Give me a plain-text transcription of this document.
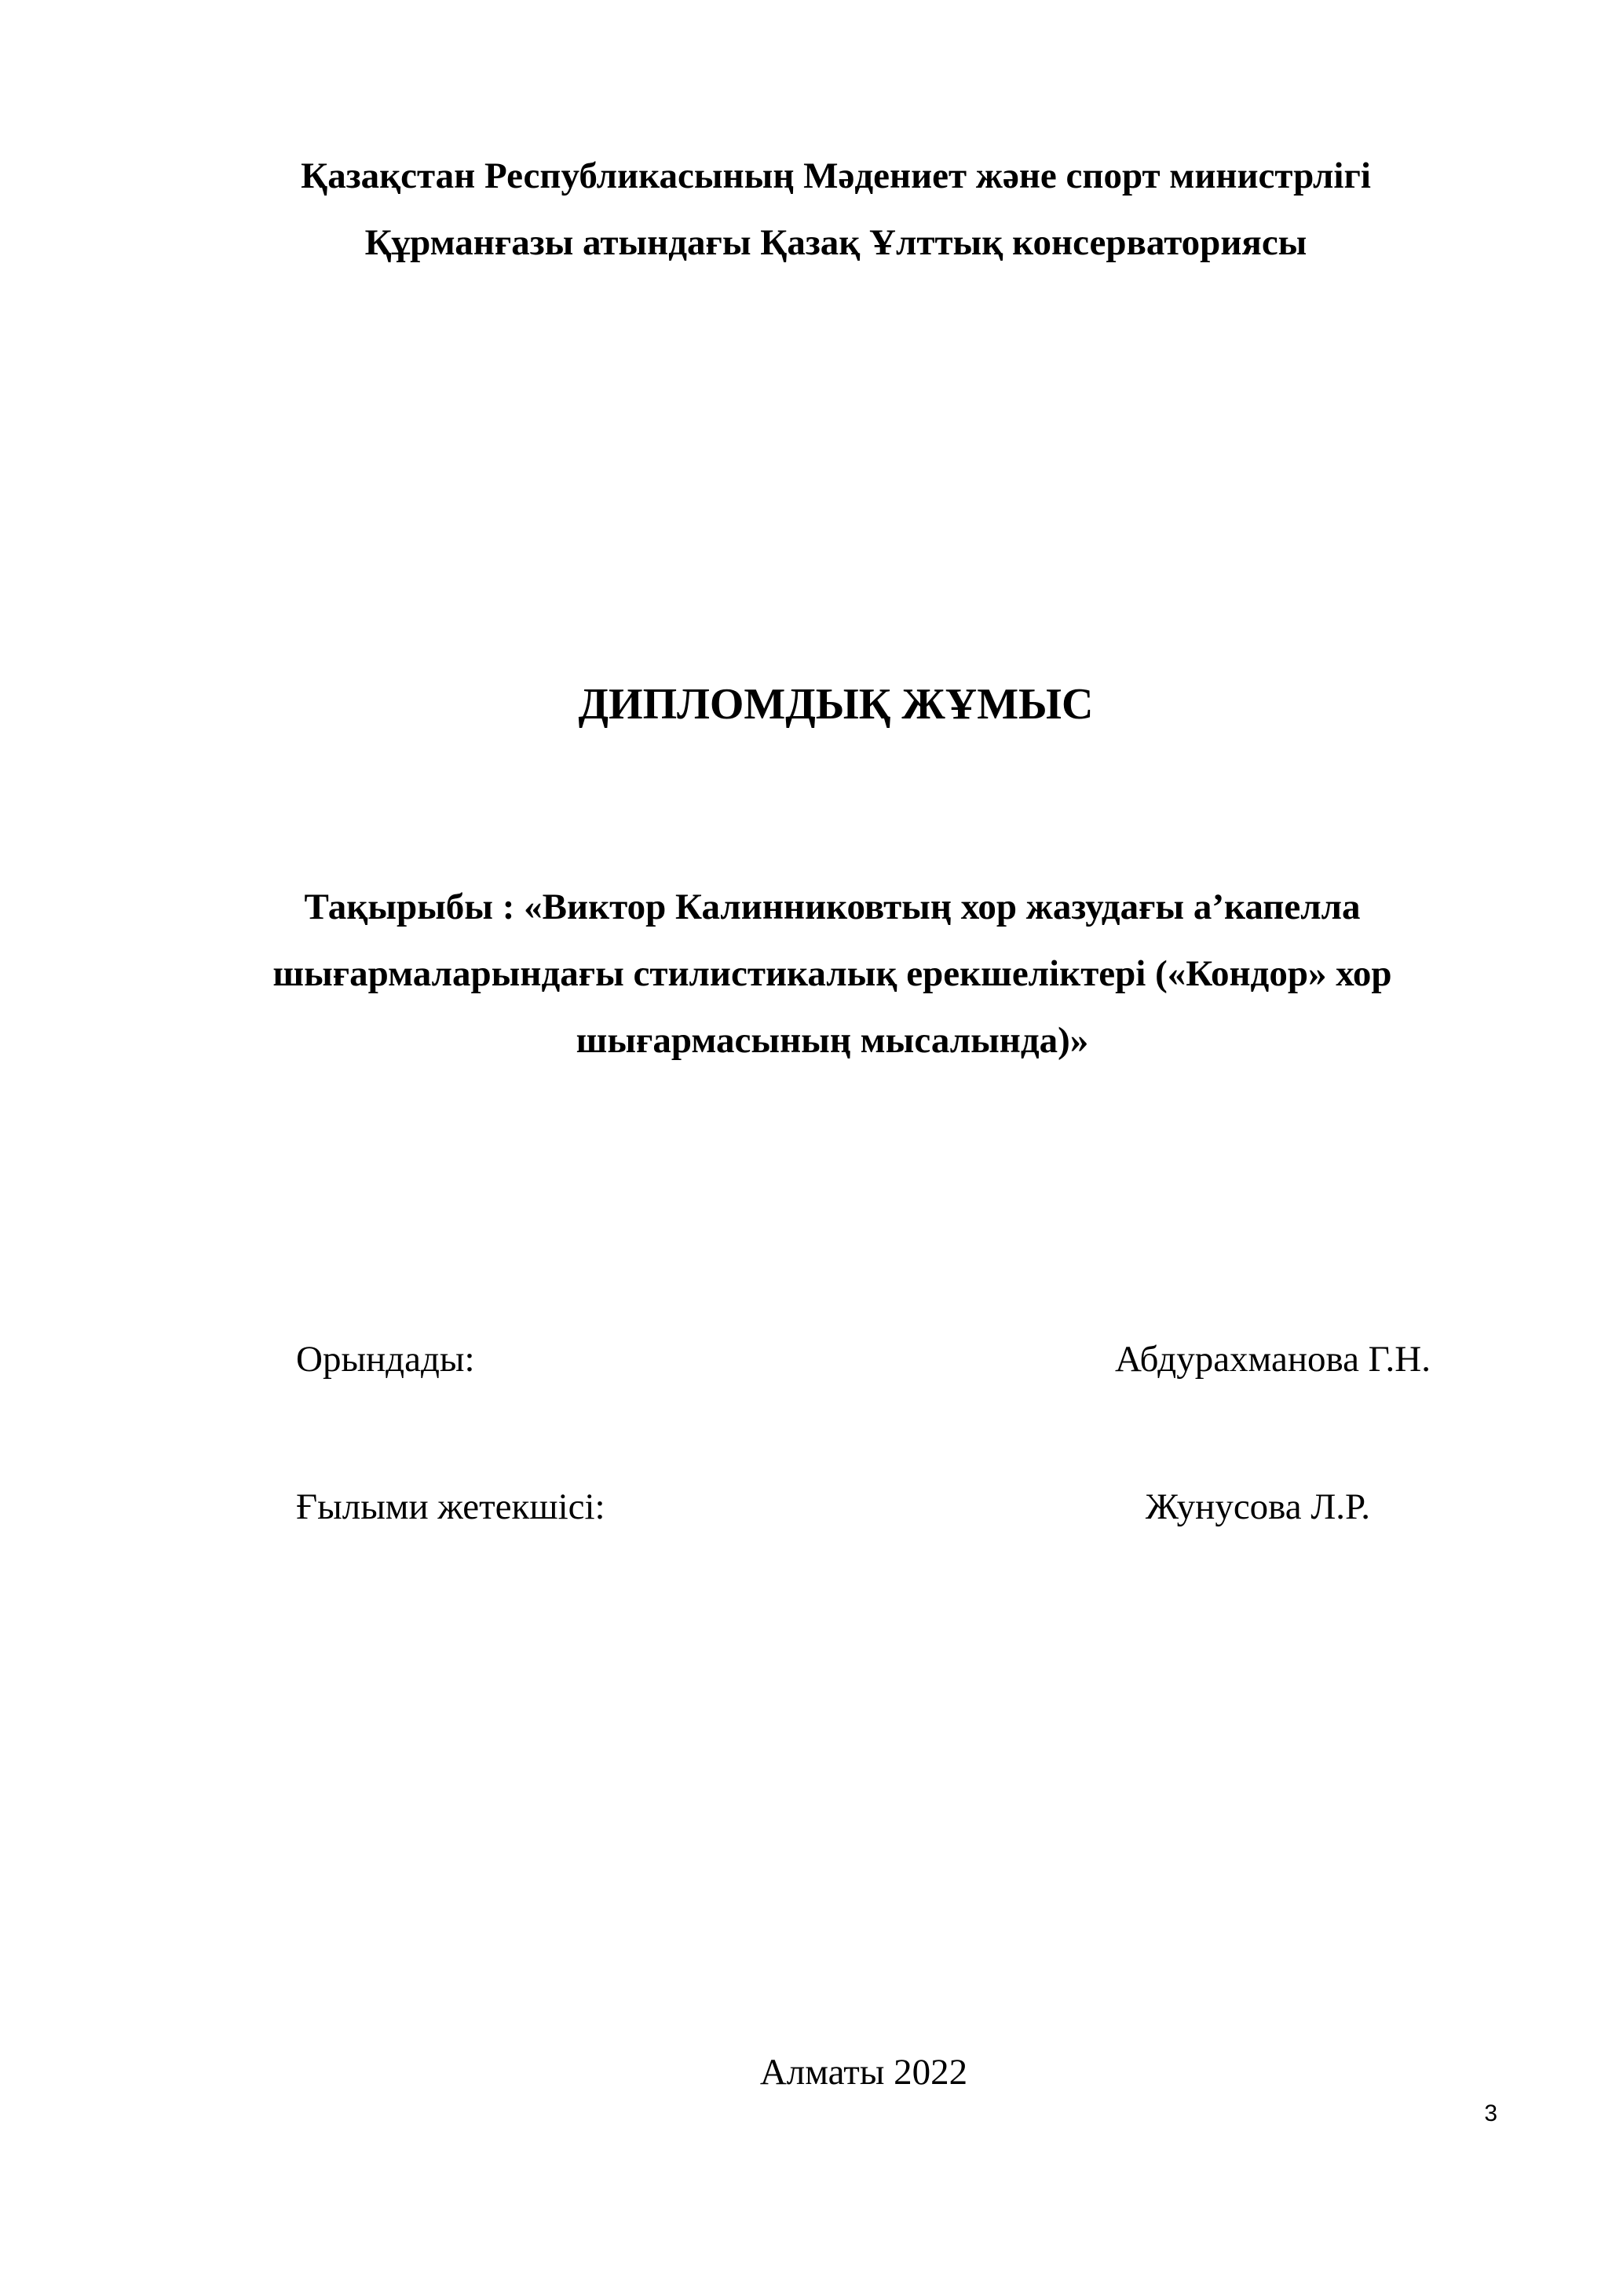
Қазақстан Республикасының Мәдениет және спорт министрлігі
Құрманғазы атындағы Қазақ Ұлттық консерваториясы
ДИПЛОМДЫҚ ЖҰМЫС
Тақырыбы : «Виктор Калинниковтың хор жазудағы а’капелла
шығармаларындағы стилистикалық ерекшеліктері («Кондор» хор
шығармасының мысалында)»
Орындады:	Абдурахманова Г.Н.
Ғылыми жетекшісі:	Жунусова Л.Р.
Алматы 2022
3
